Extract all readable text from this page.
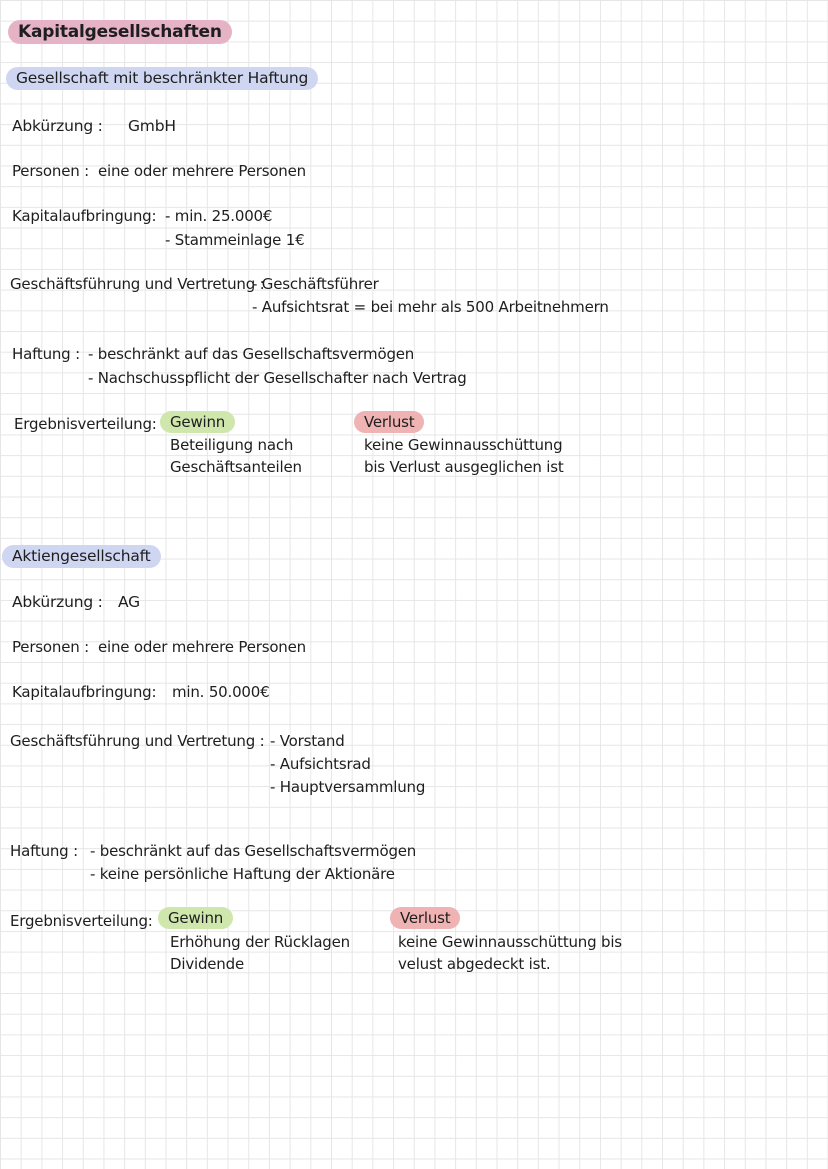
Kapitalgesellschaften
Gesellschaft mit beschränkter Haftung
Abkürzung : GmbH
Personen : eine oder mehrere Personen
Kapitalaufbringung: - min. 25.000€
- Stammeinlage 1€
Geschäftsführung und Vertretung :
- Geschäftsführer
- Aufsichtsrat = bei mehr als 500 Arbeitnehmern
Haftung : - beschränkt auf das Gesellschaftsvermögen
- Nachschusspflicht der Gesellschafter nach Vertrag
Ergebnisverteilung: Gewinn
Beteiligung nach
Geschäftsanteilen
Verlust
keine Gewinnausschüttung
bis Verlust ausgeglichen ist
Aktiengesellschaft
Abkürzung : AG
Personen : eine oder mehrere Personen
Kapitalaufbringung: min. 50.000€
Geschäftsführung und Vertretung : - Vorstand
- Aufsichtsrad
- Hauptversammlung
Haftung : - beschränkt auf das Gesellschaftsvermögen
- keine persönliche Haftung der Aktionäre
Ergebnisverteilung:	Gewinn
Erhöhung der Rücklagen
Dividende
Verlust
keine Gewinnausschüttung bis
velust abgedeckt ist.
